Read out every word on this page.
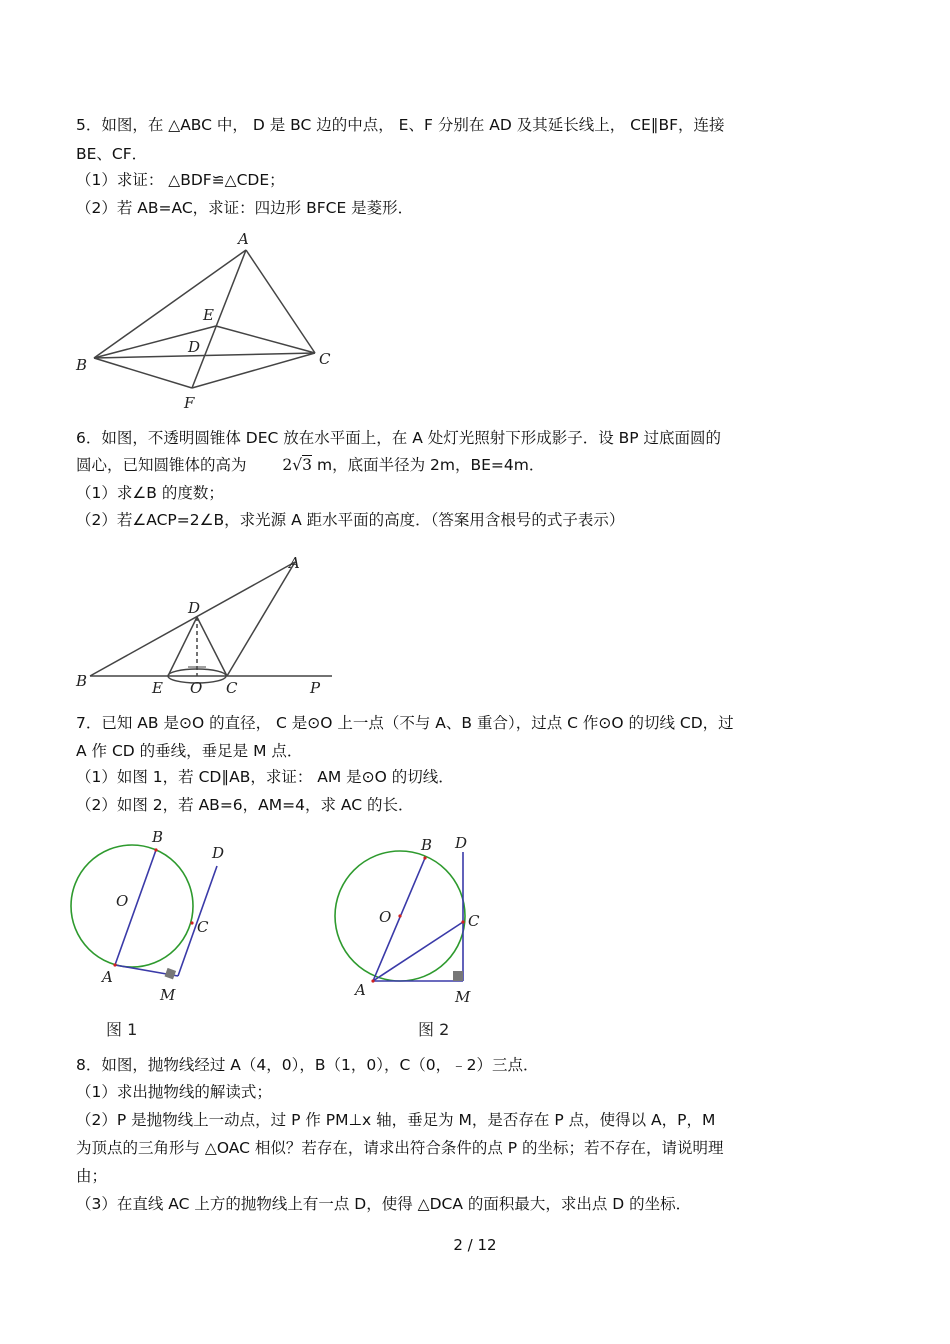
5．如图，在 △ABC 中， D 是 BC 边的中点， E、F 分别在 AD 及其延长线上， CE∥BF，连接
BE、CF．
（1）求证： △BDF≌△CDE；
（2）若 AB=AC，求证：四边形 BFCE 是菱形．
A
B	C
D
E
F
6．如图，不透明圆锥体 DEC 放在水平面上，在 A 处灯光照射下形成影子．设 BP 过底面圆的
圆心，已知圆锥体的高为 2√3 m，底面半径为 2m，BE=4m．
（1）求∠B 的度数；
（2）若∠ACP=2∠B，求光源 A 距水平面的高度．（答案用含根号的式子表示）
A
B	C
D
E O	P
7．已知 AB 是⊙O 的直径， C 是⊙O 上一点（不与 A、B 重合），过点 C 作⊙O 的切线 CD，过
A 作 CD 的垂线，垂足是 M 点．
（1）如图 1，若 CD∥AB，求证： AM 是⊙O 的切线．
（2）如图 2，若 AB=6，AM=4，求 AC 的长．
B
D
O
C
A
M
图 1
B D
O	C
A	M
图 2
8．如图，抛物线经过 A（4，0），B（1，0），C（0，﹣2）三点．
（1）求出抛物线的解读式；
（2）P 是抛物线上一动点，过 P 作 PM⊥x 轴，垂足为 M，是否存在 P 点，使得以 A，P，M
为顶点的三角形与 △OAC 相似？若存在，请求出符合条件的点 P 的坐标；若不存在，请说明理
由；
（3）在直线 AC 上方的抛物线上有一点 D，使得 △DCA 的面积最大，求出点 D 的坐标．
2 / 12
